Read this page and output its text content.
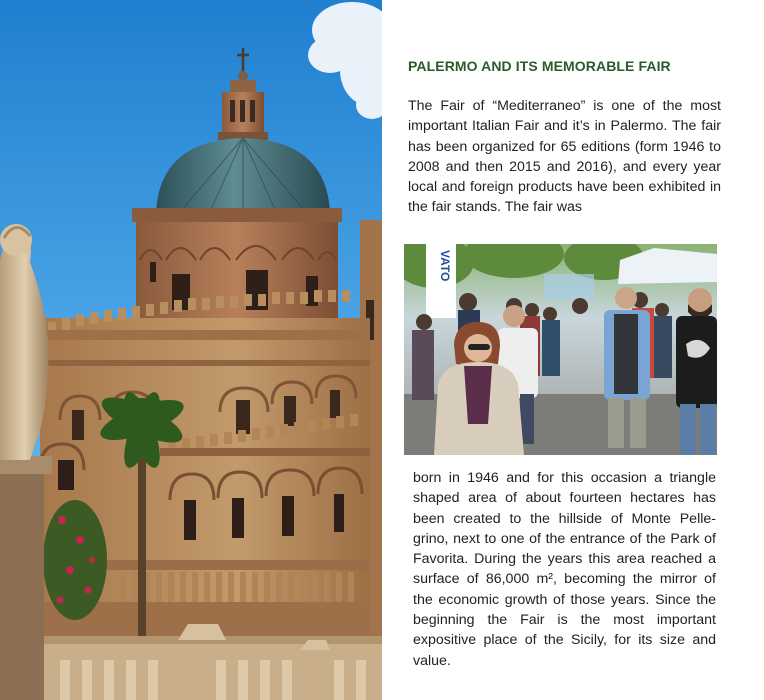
PALERMO AND ITS MEMORABLE FAIR

The Fair of “Mediterraneo” is one of the most important Italian Fair and it’s in Palermo. The fair has been organized for 65 editions (form 1946 to 2008 and then 2015 and 2016), and every year local and foreign products have been exhibited in the fair stands. The fair was

VATO

born in 1946 and for this occasion a triangle shaped area of about fourteen hectares has been created to the hillside of Monte Pelle-grino, next to one of the entrance of the Park of Favorita. During the years this area reached a surface of 86,000 m², becoming the mirror of the economic growth of those years. Since the beginning the Fair is the most important expositive place of the Sicily, for its size and value.
